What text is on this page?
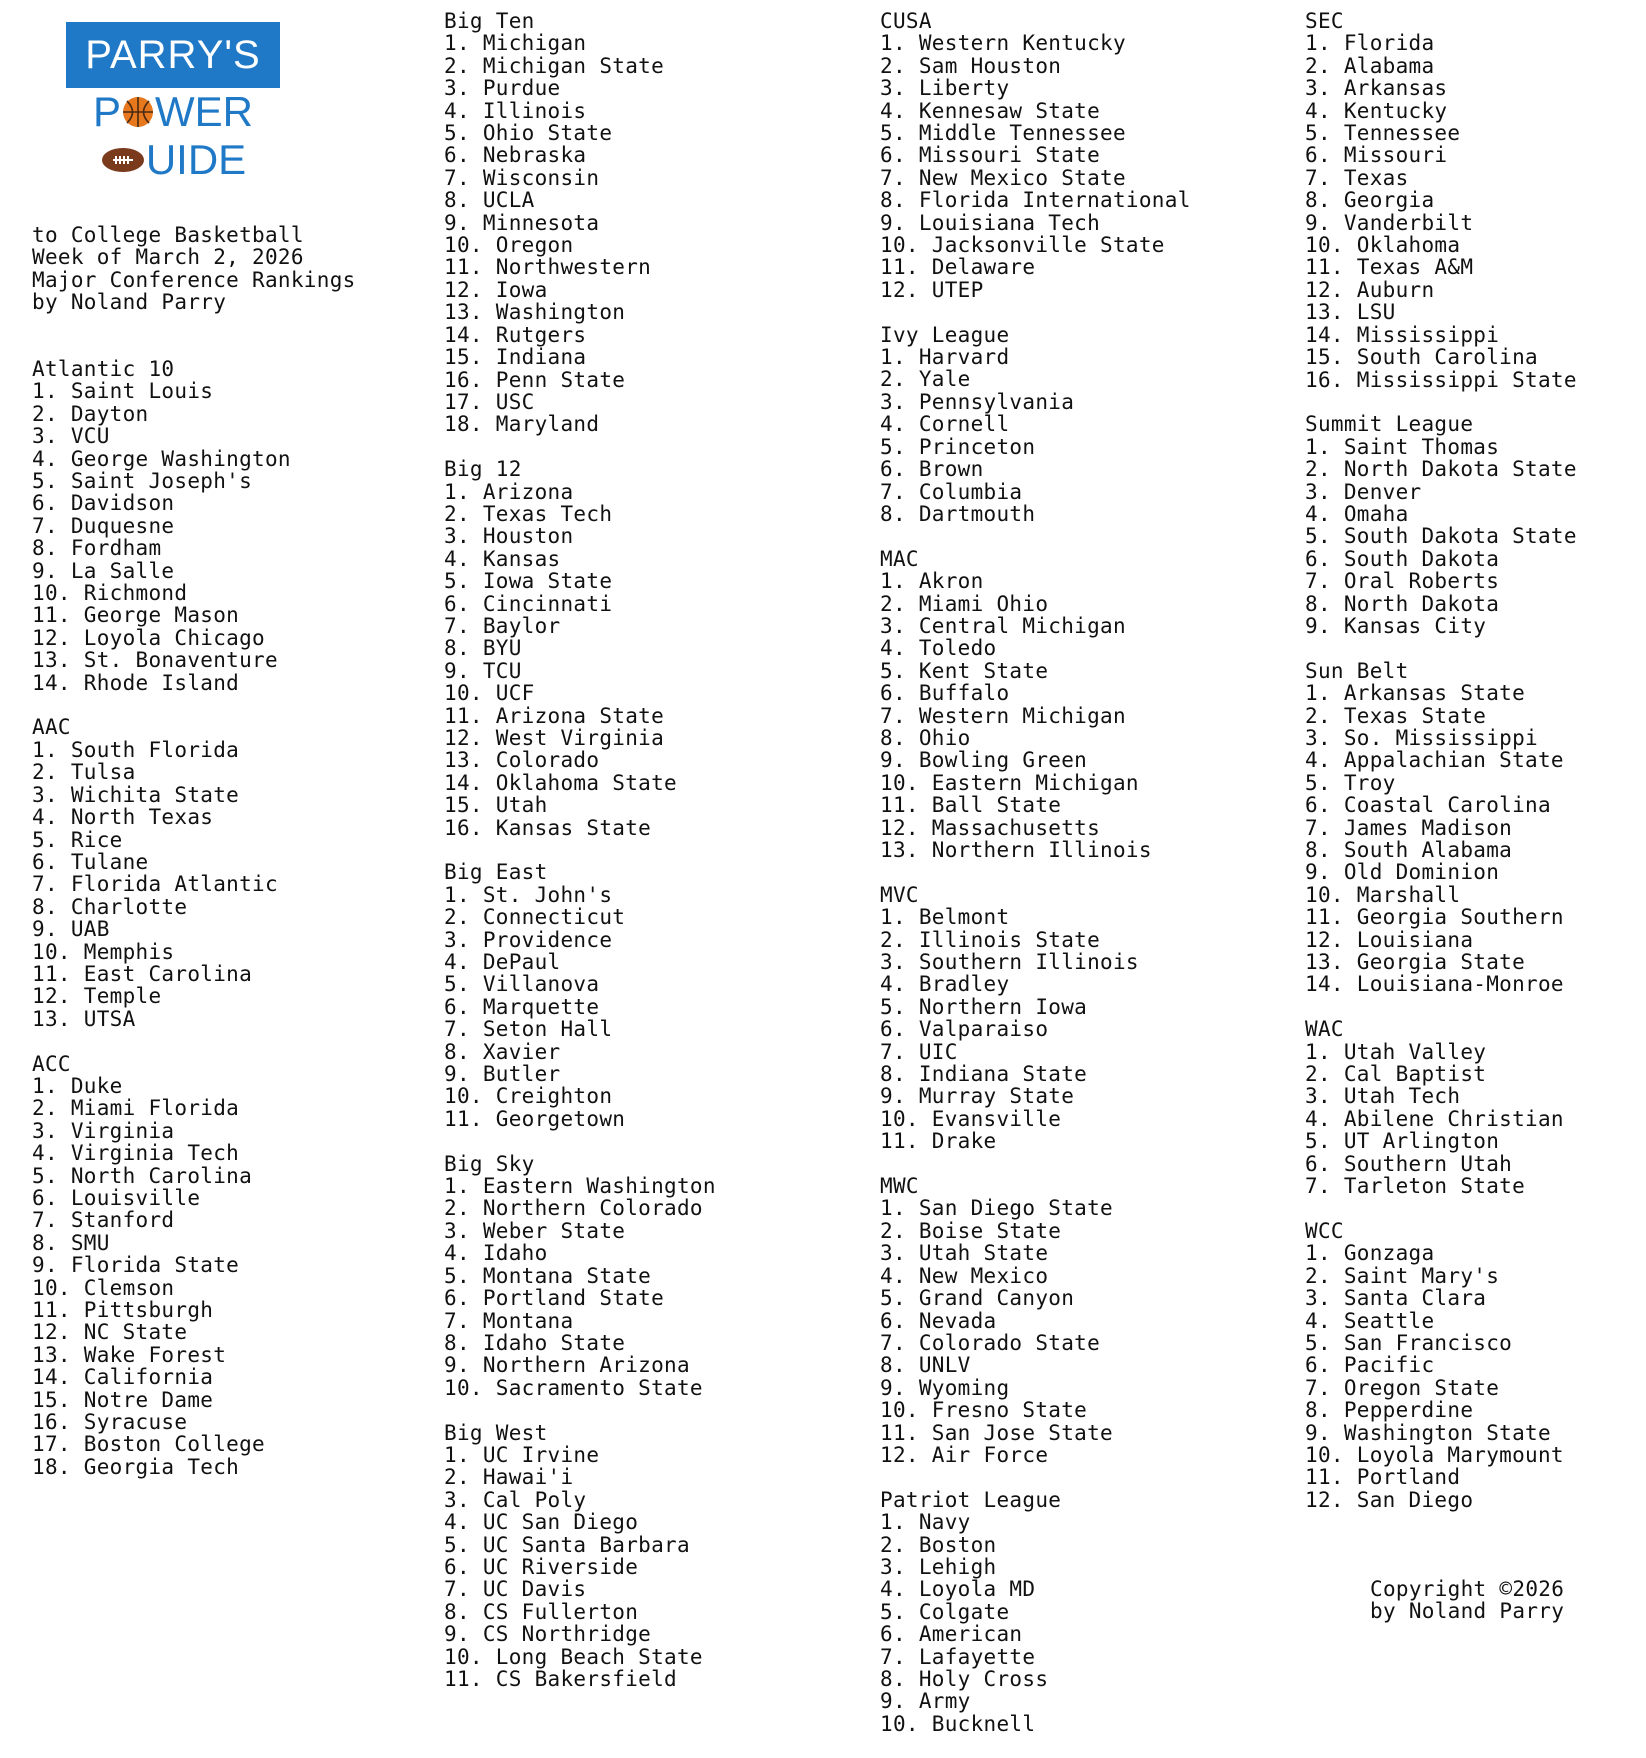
PARRY'S
P WER
UIDE
to College Basketball
Week of March 2, 2026
Major Conference Rankings
by Noland Parry
Atlantic 10
1. Saint Louis
2. Dayton
3. VCU
4. George Washington
5. Saint Joseph's
6. Davidson
7. Duquesne
8. Fordham
9. La Salle
10. Richmond
11. George Mason
12. Loyola Chicago
13. St. Bonaventure
14. Rhode Island
AAC
1. South Florida
2. Tulsa
3. Wichita State
4. North Texas
5. Rice
6. Tulane
7. Florida Atlantic
8. Charlotte
9. UAB
10. Memphis
11. East Carolina
12. Temple
13. UTSA
ACC
1. Duke
2. Miami Florida
3. Virginia
4. Virginia Tech
5. North Carolina
6. Louisville
7. Stanford
8. SMU
9. Florida State
10. Clemson
11. Pittsburgh
12. NC State
13. Wake Forest
14. California
15. Notre Dame
16. Syracuse
17. Boston College
18. Georgia Tech
Big Ten
1. Michigan
2. Michigan State
3. Purdue
4. Illinois
5. Ohio State
6. Nebraska
7. Wisconsin
8. UCLA
9. Minnesota
10. Oregon
11. Northwestern
12. Iowa
13. Washington
14. Rutgers
15. Indiana
16. Penn State
17. USC
18. Maryland
Big 12
1. Arizona
2. Texas Tech
3. Houston
4. Kansas
5. Iowa State
6. Cincinnati
7. Baylor
8. BYU
9. TCU
10. UCF
11. Arizona State
12. West Virginia
13. Colorado
14. Oklahoma State
15. Utah
16. Kansas State
Big East
1. St. John's
2. Connecticut
3. Providence
4. DePaul
5. Villanova
6. Marquette
7. Seton Hall
8. Xavier
9. Butler
10. Creighton
11. Georgetown
Big Sky
1. Eastern Washington
2. Northern Colorado
3. Weber State
4. Idaho
5. Montana State
6. Portland State
7. Montana
8. Idaho State
9. Northern Arizona
10. Sacramento State
Big West
1. UC Irvine
2. Hawai'i
3. Cal Poly
4. UC San Diego
5. UC Santa Barbara
6. UC Riverside
7. UC Davis
8. CS Fullerton
9. CS Northridge
10. Long Beach State
11. CS Bakersfield
CUSA
1. Western Kentucky
2. Sam Houston
3. Liberty
4. Kennesaw State
5. Middle Tennessee
6. Missouri State
7. New Mexico State
8. Florida International
9. Louisiana Tech
10. Jacksonville State
11. Delaware
12. UTEP
Ivy League
1. Harvard
2. Yale
3. Pennsylvania
4. Cornell
5. Princeton
6. Brown
7. Columbia
8. Dartmouth
MAC
1. Akron
2. Miami Ohio
3. Central Michigan
4. Toledo
5. Kent State
6. Buffalo
7. Western Michigan
8. Ohio
9. Bowling Green
10. Eastern Michigan
11. Ball State
12. Massachusetts
13. Northern Illinois
MVC
1. Belmont
2. Illinois State
3. Southern Illinois
4. Bradley
5. Northern Iowa
6. Valparaiso
7. UIC
8. Indiana State
9. Murray State
10. Evansville
11. Drake
MWC
1. San Diego State
2. Boise State
3. Utah State
4. New Mexico
5. Grand Canyon
6. Nevada
7. Colorado State
8. UNLV
9. Wyoming
10. Fresno State
11. San Jose State
12. Air Force
Patriot League
1. Navy
2. Boston
3. Lehigh
4. Loyola MD
5. Colgate
6. American
7. Lafayette
8. Holy Cross
9. Army
10. Bucknell
SEC
1. Florida
2. Alabama
3. Arkansas
4. Kentucky
5. Tennessee
6. Missouri
7. Texas
8. Georgia
9. Vanderbilt
10. Oklahoma
11. Texas A&M
12. Auburn
13. LSU
14. Mississippi
15. South Carolina
16. Mississippi State
Summit League
1. Saint Thomas
2. North Dakota State
3. Denver
4. Omaha
5. South Dakota State
6. South Dakota
7. Oral Roberts
8. North Dakota
9. Kansas City
Sun Belt
1. Arkansas State
2. Texas State
3. So. Mississippi
4. Appalachian State
5. Troy
6. Coastal Carolina
7. James Madison
8. South Alabama
9. Old Dominion
10. Marshall
11. Georgia Southern
12. Louisiana
13. Georgia State
14. Louisiana-Monroe
WAC
1. Utah Valley
2. Cal Baptist
3. Utah Tech
4. Abilene Christian
5. UT Arlington
6. Southern Utah
7. Tarleton State
WCC
1. Gonzaga
2. Saint Mary's
3. Santa Clara
4. Seattle
5. San Francisco
6. Pacific
7. Oregon State
8. Pepperdine
9. Washington State
10. Loyola Marymount
11. Portland
12. San Diego
Copyright ©2026
by Noland Parry
